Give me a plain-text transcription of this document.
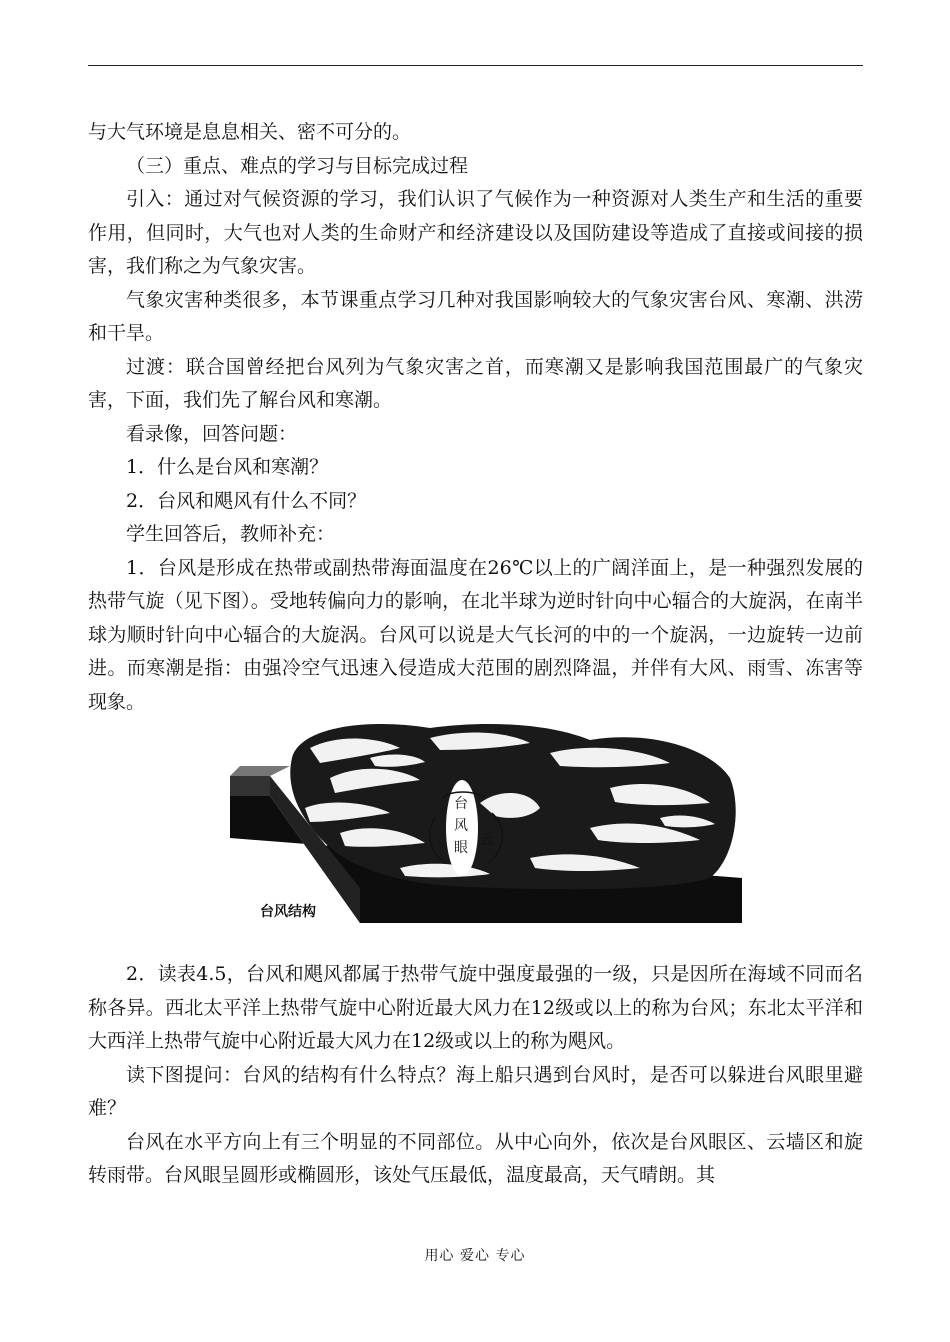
与大气环境是息息相关、密不可分的。

（三）重点、难点的学习与目标完成过程

引入：通过对气候资源的学习，我们认识了气候作为一种资源对人类生产和生活的重要作用，但同时，大气也对人类的生命财产和经济建设以及国防建设等造成了直接或间接的损害，我们称之为气象灾害。

气象灾害种类很多，本节课重点学习几种对我国影响较大的气象灾害台风、寒潮、洪涝和干旱。

过渡：联合国曾经把台风列为气象灾害之首，而寒潮又是影响我国范围最广的气象灾害，下面，我们先了解台风和寒潮。

看录像，回答问题：

1．什么是台风和寒潮？

2．台风和飓风有什么不同？

学生回答后，教师补充：

1．台风是形成在热带或副热带海面温度在26℃以上的广阔洋面上，是一种强烈发展的热带气旋（见下图）。受地转偏向力的影响，在北半球为逆时针向中心辐合的大旋涡，在南半球为顺时针向中心辐合的大旋涡。台风可以说是大气长河的中的一个旋涡，一边旋转一边前进。而寒潮是指：由强冷空气迅速入侵造成大范围的剧烈降温，并伴有大风、雨雪、冻害等现象。

台
风
眼 云
台风结构

2．读表4.5，台风和飓风都属于热带气旋中强度最强的一级，只是因所在海域不同而名称各异。西北太平洋上热带气旋中心附近最大风力在12级或以上的称为台风；东北太平洋和大西洋上热带气旋中心附近最大风力在12级或以上的称为飓风。

读下图提问：台风的结构有什么特点？海上船只遇到台风时，是否可以躲进台风眼里避难？

台风在水平方向上有三个明显的不同部位。从中心向外，依次是台风眼区、云墙区和旋转雨带。台风眼呈圆形或椭圆形，该处气压最低，温度最高，天气晴朗。其

用心 爱心 专心
